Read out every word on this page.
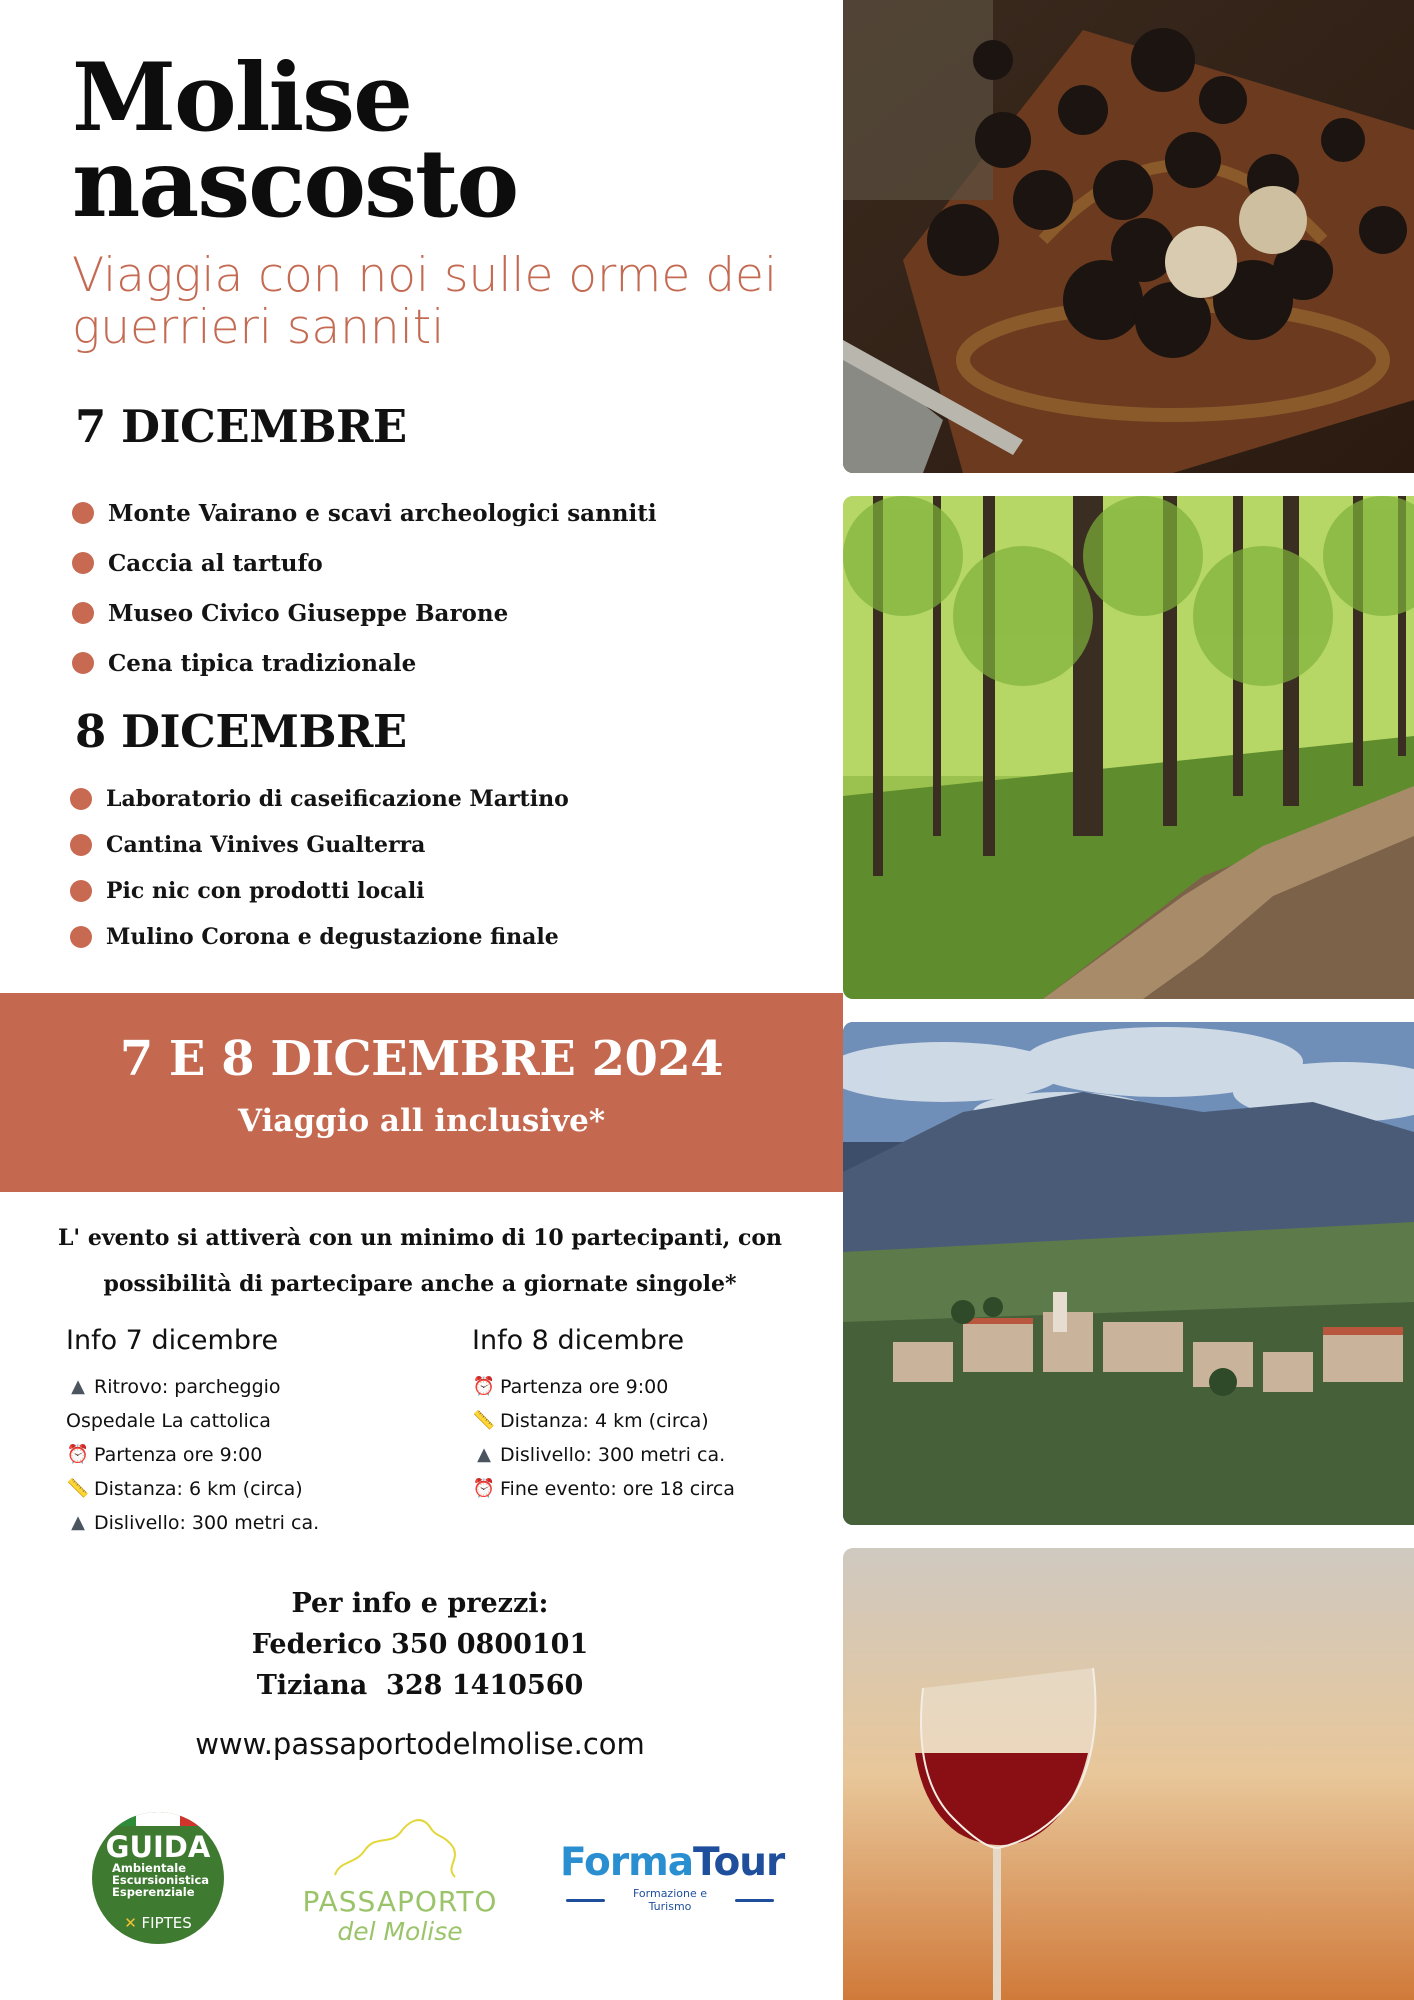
Molise
nascosto
Viaggia con noi sulle orme dei guerrieri sanniti
7 DICEMBRE
Monte Vairano e scavi archeologici sanniti
Caccia al tartufo
Museo Civico Giuseppe Barone
Cena tipica tradizionale
8 DICEMBRE
Laboratorio di caseificazione Martino
Cantina Vinives Gualterra
Pic nic con prodotti locali
Mulino Corona e degustazione finale
7 E 8 DICEMBRE 2024
Viaggio all inclusive*
L' evento si attiverà con un minimo di 10 partecipanti, con possibilità di partecipare anche a giornate singole*
Info 7 dicembre
▲ Ritrovo: parcheggio
Ospedale La cattolica
⏰ Partenza ore 9:00
📏 Distanza: 6 km (circa)
▲ Dislivello: 300 metri ca.
Info 8 dicembre
⏰ Partenza ore 9:00
📏 Distanza: 4 km (circa)
▲ Dislivello: 300 metri ca.
⏰ Fine evento: ore 18 circa
Per info e prezzi:
Federico 350 0800101
Tiziana  328 1410560
www.passaportodelmolise.com
GUIDA
Ambientale
Escursionistica
Esperenziale
✕ FIPTES
PASSAPORTO
del Molise
FormaTour
Formazione e Turismo
